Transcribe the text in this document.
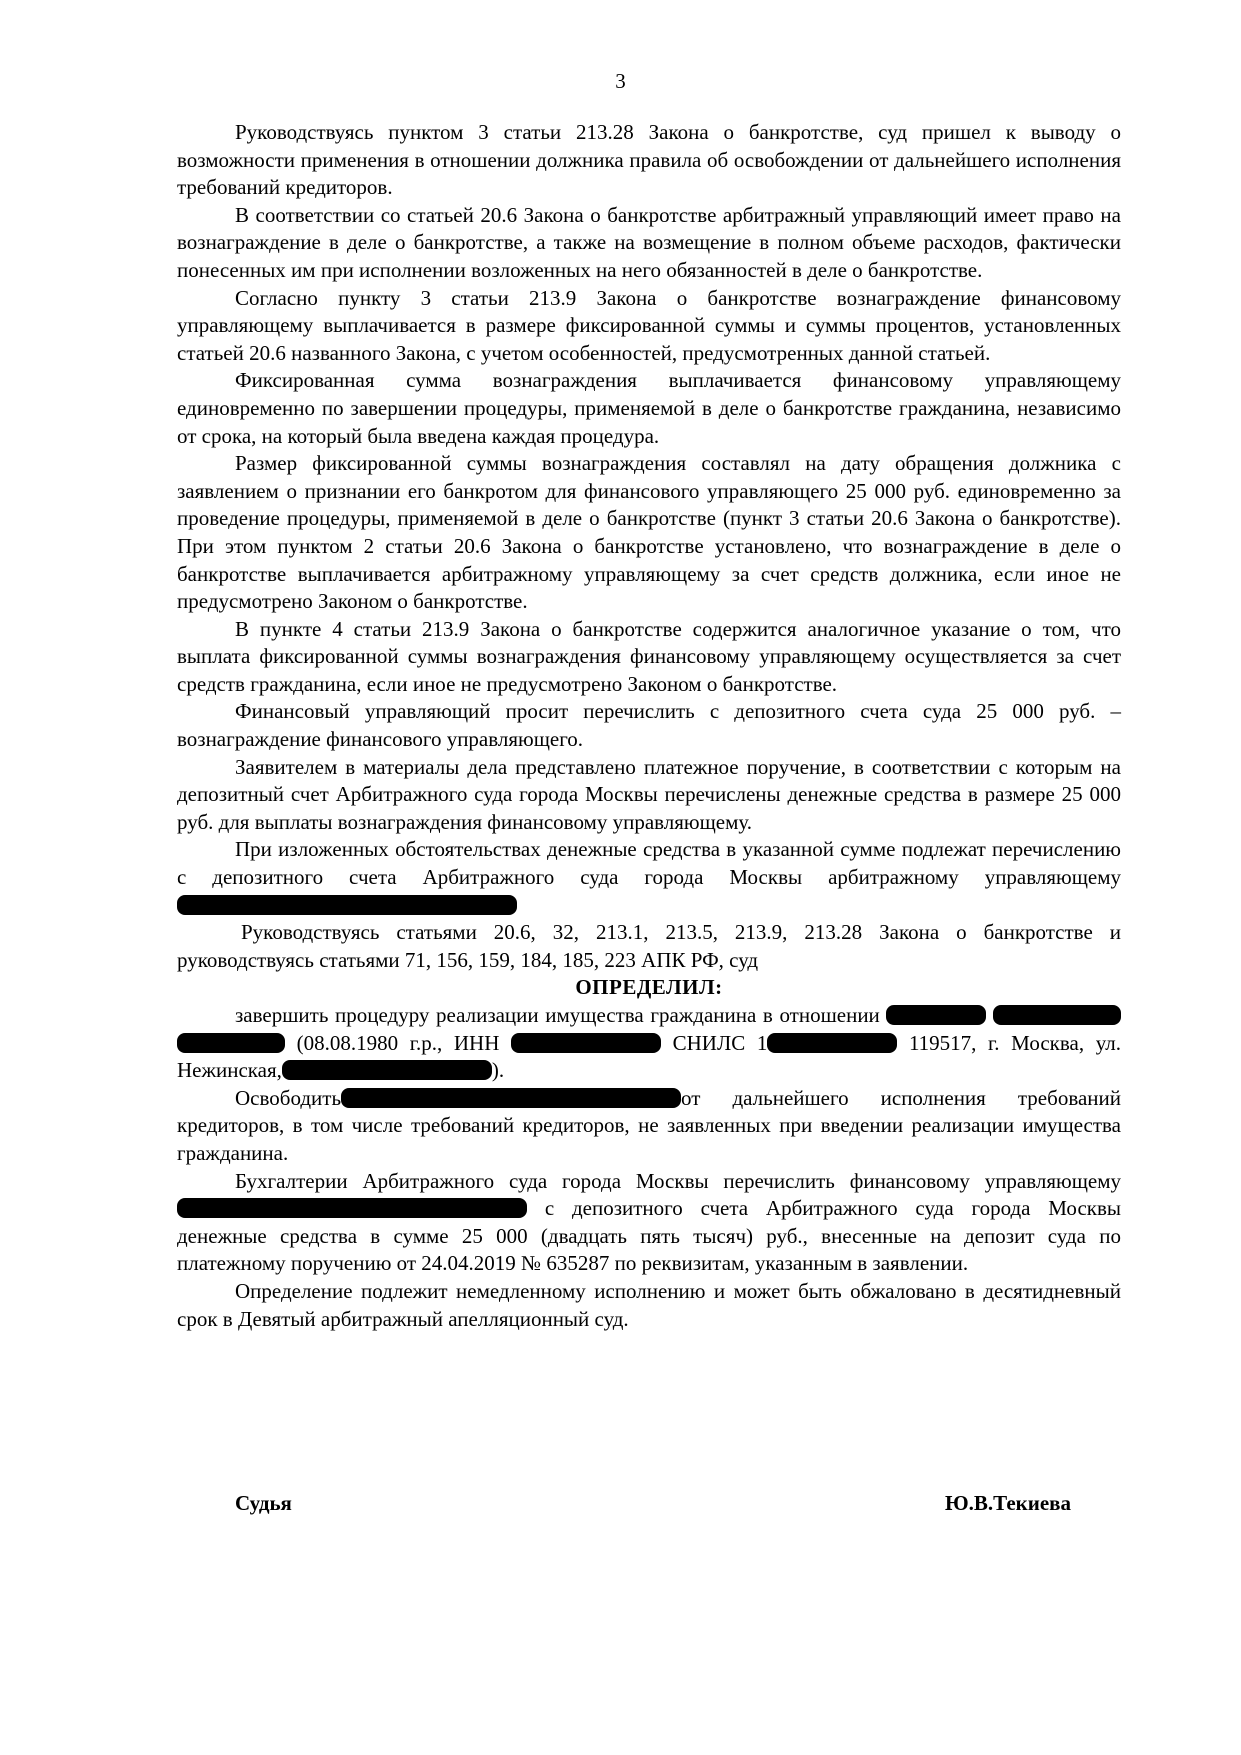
3

Руководствуясь пунктом 3 статьи 213.28 Закона о банкротстве, суд пришел к выводу о возможности применения в отношении должника правила об освобождении от дальнейшего исполнения требований кредиторов.

В соответствии со статьей 20.6 Закона о банкротстве арбитражный управляющий имеет право на вознаграждение в деле о банкротстве, а также на возмещение в полном объеме расходов, фактически понесенных им при исполнении возложенных на него обязанностей в деле о банкротстве.

Согласно пункту 3 статьи 213.9 Закона о банкротстве вознаграждение финансовому управляющему выплачивается в размере фиксированной суммы и суммы процентов, установленных статьей 20.6 названного Закона, с учетом особенностей, предусмотренных данной статьей.

Фиксированная сумма вознаграждения выплачивается финансовому управляющему единовременно по завершении процедуры, применяемой в деле о банкротстве гражданина, независимо от срока, на который была введена каждая процедура.

Размер фиксированной суммы вознаграждения составлял на дату обращения должника с заявлением о признании его банкротом для финансового управляющего 25 000 руб. единовременно за проведение процедуры, применяемой в деле о банкротстве (пункт 3 статьи 20.6 Закона о банкротстве). При этом пунктом 2 статьи 20.6 Закона о банкротстве установлено, что вознаграждение в деле о банкротстве выплачивается арбитражному управляющему за счет средств должника, если иное не предусмотрено Законом о банкротстве.

В пункте 4 статьи 213.9 Закона о банкротстве содержится аналогичное указание о том, что выплата фиксированной суммы вознаграждения финансовому управляющему осуществляется за счет средств гражданина, если иное не предусмотрено Законом о банкротстве.

Финансовый управляющий просит перечислить с депозитного счета суда 25 000 руб. – вознаграждение финансового управляющего.

Заявителем в материалы дела представлено платежное поручение, в соответствии с которым на депозитный счет Арбитражного суда города Москвы перечислены денежные средства в размере 25 000 руб. для выплаты вознаграждения финансовому управляющему.

При изложенных обстоятельствах денежные средства в указанной сумме подлежат перечислению с депозитного счета Арбитражного суда города Москвы арбитражному управляющему

Руководствуясь статьями 20.6, 32, 213.1, 213.5, 213.9, 213.28 Закона о банкротстве и руководствуясь статьями 71, 156, 159, 184, 185, 223 АПК РФ, суд

ОПРЕДЕЛИЛ:

завершить процедуру реализации имущества гражданина в отношении    (08.08.1980 г.р., ИНН	СНИЛС 1	119517, г. Москва, ул. Нежинская,	).

Освободить	от дальнейшего исполнения требований кредиторов, в том числе требований кредиторов, не заявленных при введении реализации имущества гражданина.

Бухгалтерии Арбитражного суда города Москвы перечислить финансовому управляющему  с депозитного счета Арбитражного суда города Москвы денежные средства в сумме 25 000 (двадцать пять тысяч) руб., внесенные на депозит суда по платежному поручению от 24.04.2019 № 635287 по реквизитам, указанным в заявлении.

Определение подлежит немедленному исполнению и может быть обжаловано в десятидневный срок в Девятый арбитражный апелляционный суд.

Судья	Ю.В.Текиева
